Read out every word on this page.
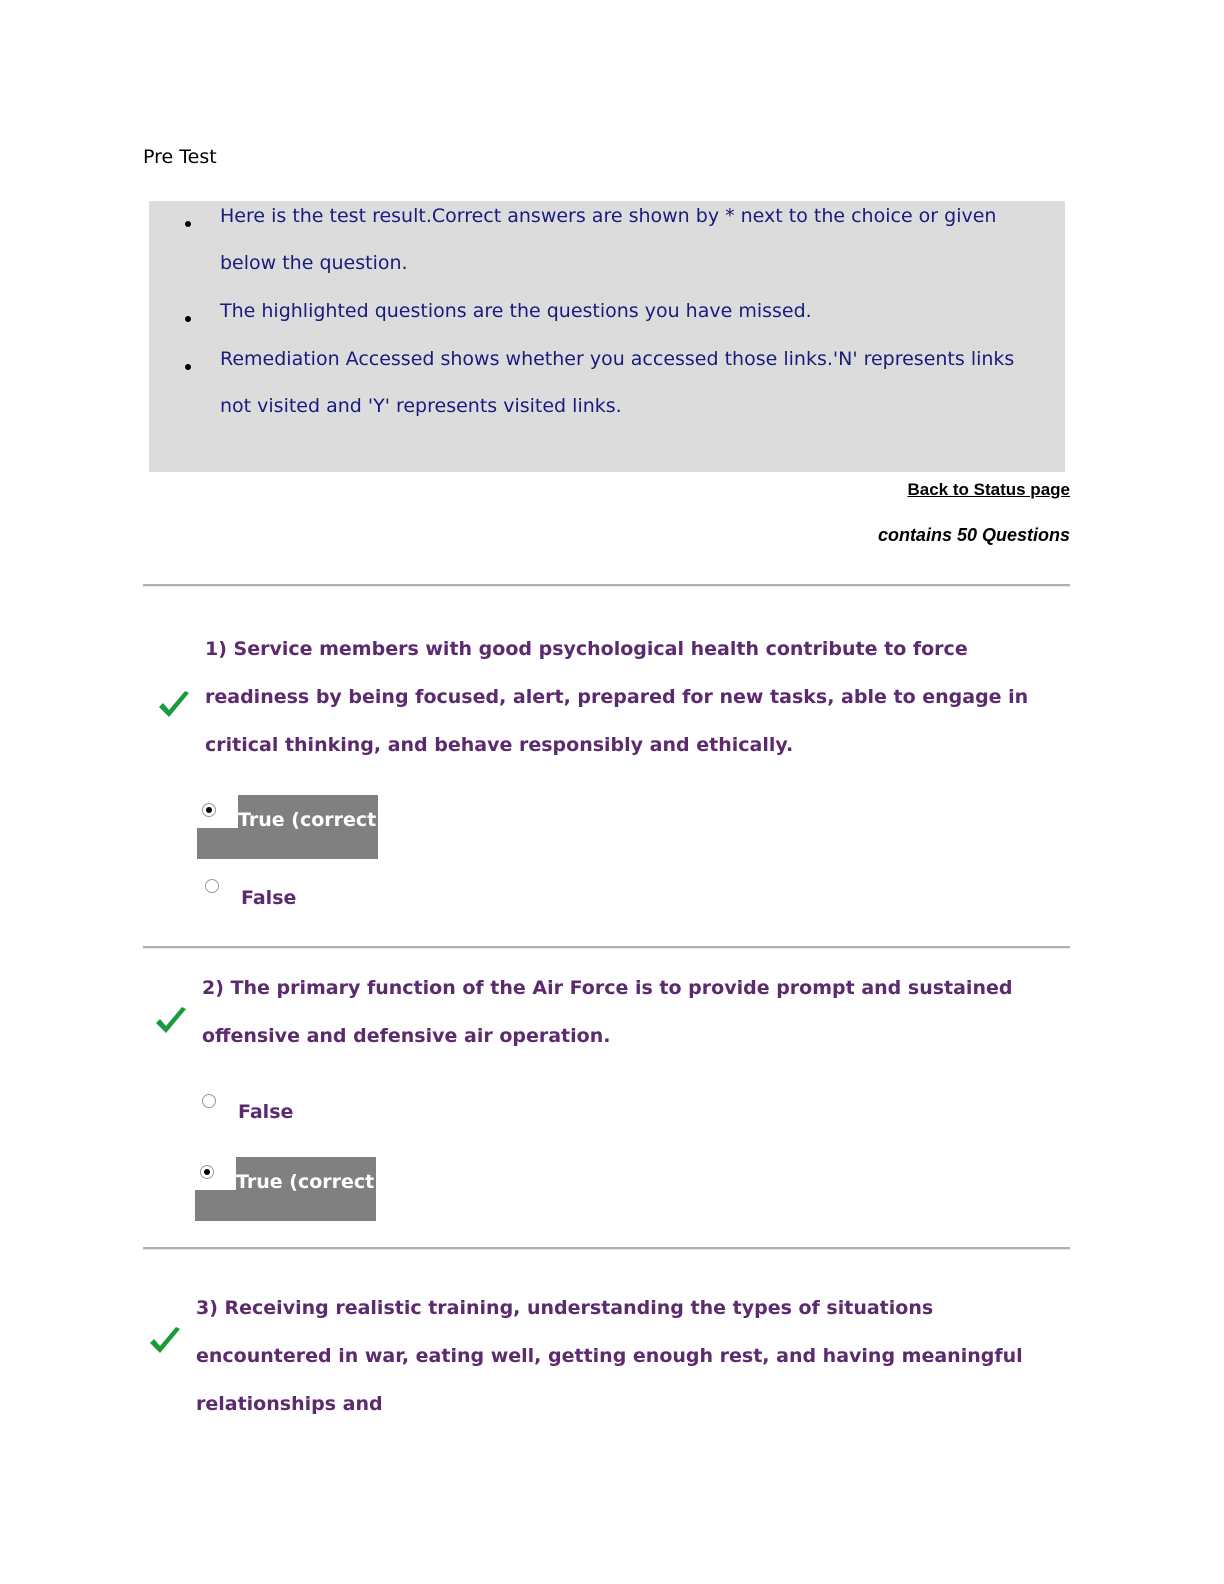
Pre Test
Here is the test result.Correct answers are shown by * next to the choice or given below the question.
The highlighted questions are the questions you have missed.
Remediation Accessed shows whether you accessed those links.'N' represents links not visited and 'Y' represents visited links.
Back to Status page
contains 50 Questions
1) Service members with good psychological health contribute to force readiness by being focused, alert, prepared for new tasks, able to engage in critical thinking, and behave responsibly and ethically.
True (correct)
False
2) The primary function of the Air Force is to provide prompt and sustained offensive and defensive air operation.
False
True (correct)
3) Receiving realistic training, understanding the types of situations encountered in war, eating well, getting enough rest, and having meaningful relationships and
